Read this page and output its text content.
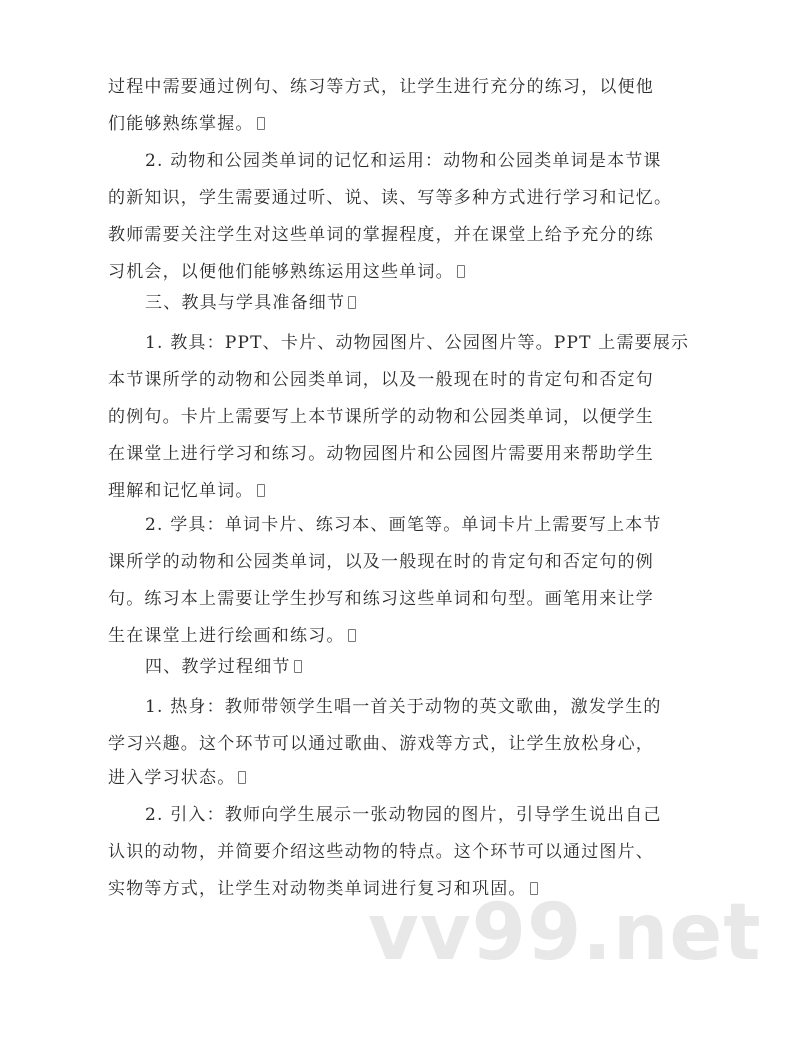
过程中需要通过例句、练习等方式，让学生进行充分的练习，以便他
们能够熟练掌握。
2. 动物和公园类单词的记忆和运用：动物和公园类单词是本节课
的新知识，学生需要通过听、说、读、写等多种方式进行学习和记忆。
教师需要关注学生对这些单词的掌握程度，并在课堂上给予充分的练
习机会，以便他们能够熟练运用这些单词。
三、教具与学具准备细节
1. 教具：PPT、卡片、动物园图片、公园图片等。PPT 上需要展示
本节课所学的动物和公园类单词，以及一般现在时的肯定句和否定句
的例句。卡片上需要写上本节课所学的动物和公园类单词，以便学生
在课堂上进行学习和练习。动物园图片和公园图片需要用来帮助学生
理解和记忆单词。
2. 学具：单词卡片、练习本、画笔等。单词卡片上需要写上本节
课所学的动物和公园类单词，以及一般现在时的肯定句和否定句的例
句。练习本上需要让学生抄写和练习这些单词和句型。画笔用来让学
生在课堂上进行绘画和练习。
四、教学过程细节
1. 热身：教师带领学生唱一首关于动物的英文歌曲，激发学生的
学习兴趣。这个环节可以通过歌曲、游戏等方式，让学生放松身心，
进入学习状态。
2. 引入：教师向学生展示一张动物园的图片，引导学生说出自己
认识的动物，并简要介绍这些动物的特点。这个环节可以通过图片、
实物等方式，让学生对动物类单词进行复习和巩固。
vv99.net
